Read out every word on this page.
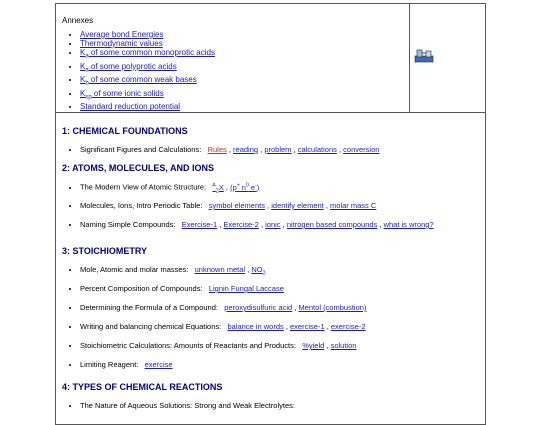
Annexes
• Average bond Energies
• Thermodynamic values
• $K_a$ of some common monoprotic acids
• $K_a$ of some polyprotic acids
• $K_b$ of some common weak bases
• $K_{sp}$ of some ionic solids
• Standard reduction potential
1: CHEMICAL FOUNDATIONS
• Significant Figures and Calculations:   Rules , reading , problem , calculations , conversion
2: ATOMS, MOLECULES, AND IONS
• The Modern View of Atomic Structure:   $^A_Z$X , (p+ n$^0$ e-)
• Molecules, Ions, Intro Periodic Table:   symbol elements , identify element , molar mass C
• Naming Simple Compounds:   Exercise-1 , Exercise-2 , ionic , nitrogen based compounds , what is wrong?
3: STOICHIOMETRY
• Mole, Atomic and molar masses:   unknown metal , $NO_2$
• Percent Composition of Compounds:   Lignin Fungal Laccase
• Determining the Formula of a Compound:   peroxydisulfuric acid , Mentol (combustion)
• Writing and balancing chemical Equations:   balance in words , exercise-1 , exercise-2
• Stoichiometric Calculations: Amounts of Reactants and Products:   %yield , solution
• Limiting Reagent:   exercise
4: TYPES OF CHEMICAL REACTIONS
• The Nature of Aqueous Solutions: Strong and Weak Electrolytes:
